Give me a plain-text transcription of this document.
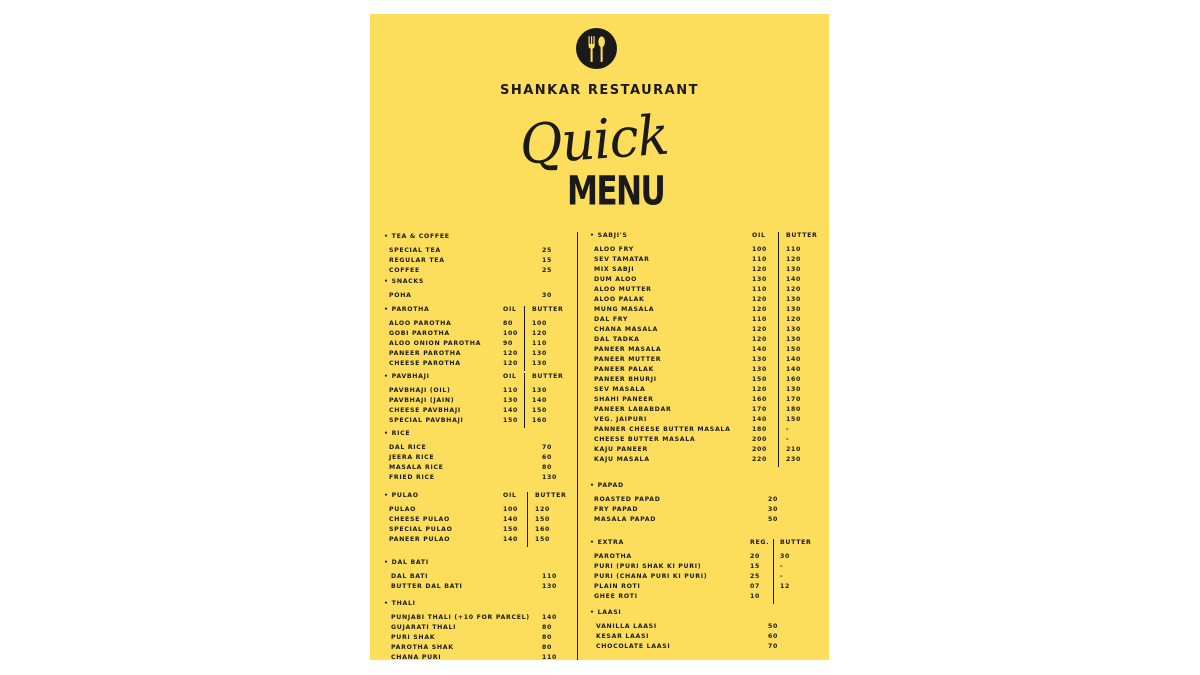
SHANKAR RESTAURANT
Quick
MENU
• TEA & COFFEE
SPECIAL TEA	25
REGULAR TEA	15
COFFEE	25
• SNACKS
POHA	30
• PAROTHA	OIL BUTTER
ALOO PAROTHA	80	100
GOBI PAROTHA	100 120
ALOO ONION PAROTHA	90	110
PANEER PAROTHA	120 130
CHEESE PAROTHA	120 130
• PAVBHAJI	OIL BUTTER
PAVBHAJI (OIL)	110 130
PAVBHAJI (JAIN)	130 140
CHEESE PAVBHAJI	140 150
SPECIAL PAVBHAJI	150 160
• RICE
DAL RICE	70
JEERA RICE	60
MASALA RICE	80
FRIED RICE	130
• PULAO	OIL	BUTTER
PULAO	100	120
CHEESE PULAO	140	150
SPECIAL PULAO	150	160
PANEER PULAO	140	150
• DAL BATI
DAL BATI	110
BUTTER DAL BATI	130
• THALI
PUNJABI THALI (+10 FOR PARCEL) 140
GUJARATI THALI	80
PURI SHAK	80
PAROTHA SHAK	80
CHANA PURI	110
• SABJI'S	OIL	BUTTER
ALOO FRY	100	110
SEV TAMATAR	110	120
MIX SABJI	120	130
DUM ALOO	130	140
ALOO MUTTER	110	120
ALOO PALAK	120	130
MUNG MASALA	120	130
DAL FRY	110	120
CHANA MASALA	120	130
DAL TADKA	120	130
PANEER MASALA	140	150
PANEER MUTTER	130	140
PANEER PALAK	130	140
PANEER BHURJI	150	160
SEV MASALA	120	130
SHAHI PANEER	160	170
PANEER LABABDAR	170	180
VEG. JAIPURI	140	150
PANNER CHEESE BUTTER MASALA	180	-
CHEESE BUTTER MASALA	200	-
KAJU PANEER	200	210
KAJU MASALA	220	230
• PAPAD
ROASTED PAPAD	20
FRY PAPAD	30
MASALA PAPAD	50
• EXTRA	REG. BUTTER
PAROTHA	20	30
PURI (PURI SHAK KI PURI)	15	-
PURI (CHANA PURI KI PURI)	25	-
PLAIN ROTI	07	12
GHEE ROTI	10
• LAASI
VANILLA LAASI	50
KESAR LAASI	60
CHOCOLATE LAASI	70
